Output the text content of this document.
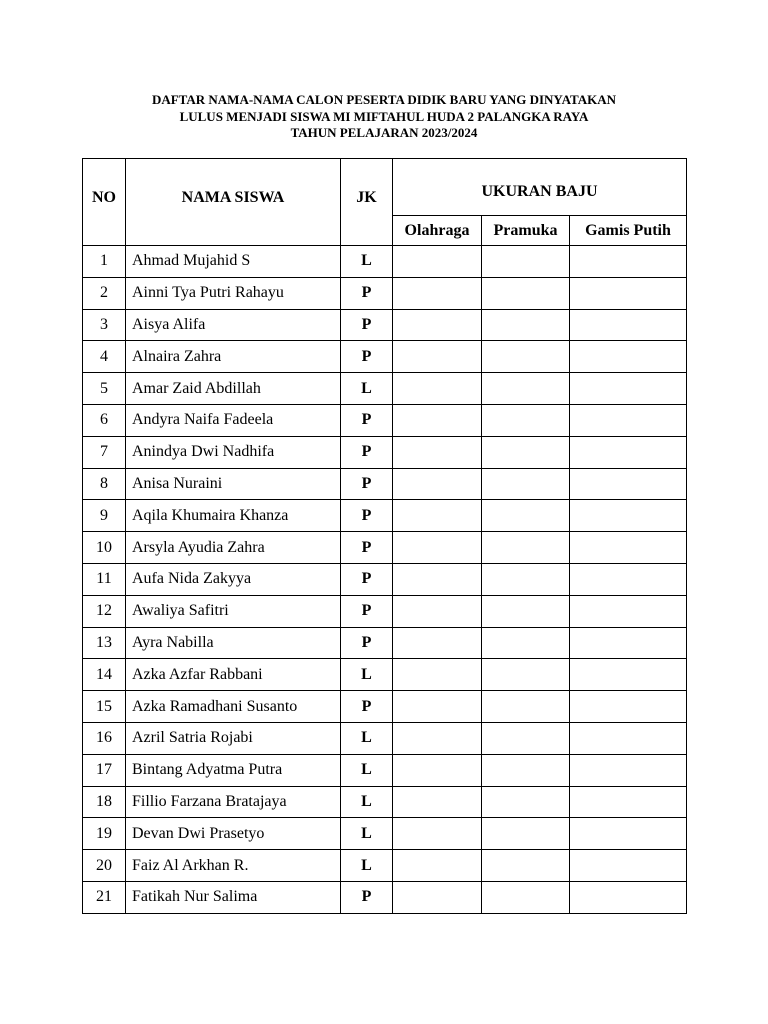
DAFTAR NAMA-NAMA CALON PESERTA DIDIK BARU YANG DINYATAKAN
LULUS MENJADI SISWA MI MIFTAHUL HUDA 2 PALANGKA RAYA
TAHUN PELAJARAN 2023/2024
NO	NAMA SISWA	JK	UKURAN BAJU		
			Olahraga	Pramuka	Gamis Putih
1	Ahmad Mujahid S	L			
2	Ainni Tya Putri Rahayu	P			
3	Aisya Alifa	P			
4	Alnaira Zahra	P			
5	Amar Zaid Abdillah	L			
6	Andyra Naifa Fadeela	P			
7	Anindya Dwi Nadhifa	P			
8	Anisa Nuraini	P			
9	Aqila Khumaira Khanza	P			
10	Arsyla Ayudia Zahra	P			
11	Aufa Nida Zakyya	P			
12	Awaliya Safitri	P			
13	Ayra Nabilla	P			
14	Azka Azfar Rabbani	L			
15	Azka Ramadhani Susanto	P			
16	Azril Satria Rojabi	L			
17	Bintang Adyatma Putra	L			
18	Fillio Farzana Bratajaya	L			
19	Devan Dwi Prasetyo	L			
20	Faiz Al Arkhan R.	L			
21	Fatikah Nur Salima	P			
